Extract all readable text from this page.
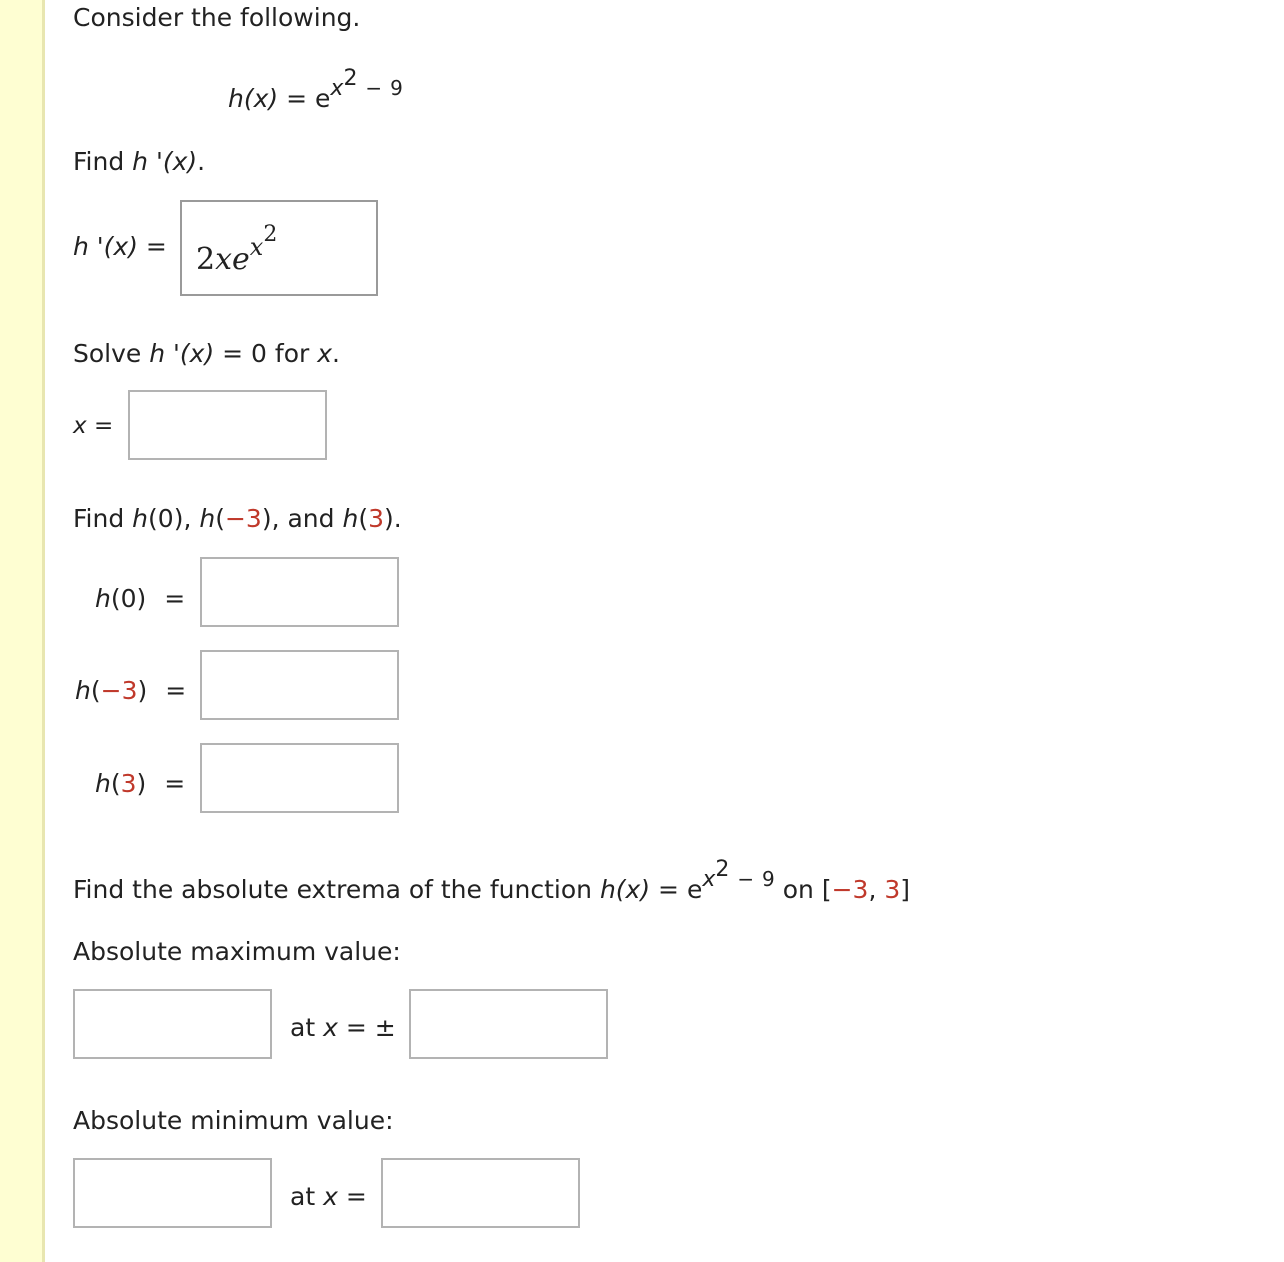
Consider the following.
h(x) = ex2 − $^9$
Find h '(x).
h '$(x) = 2xe^{x2}$
Solve h '(x) = 0 for x.
x =
Find h(0), h(−3), and h(3).
h(0) =
h(−3) =
h(3) =
Find the absolute extrema of the function h(x) = ex2 − $^9$ on [−3, 3]
Absolute maximum value:
at x = ±
Absolute minimum value:
at x =
